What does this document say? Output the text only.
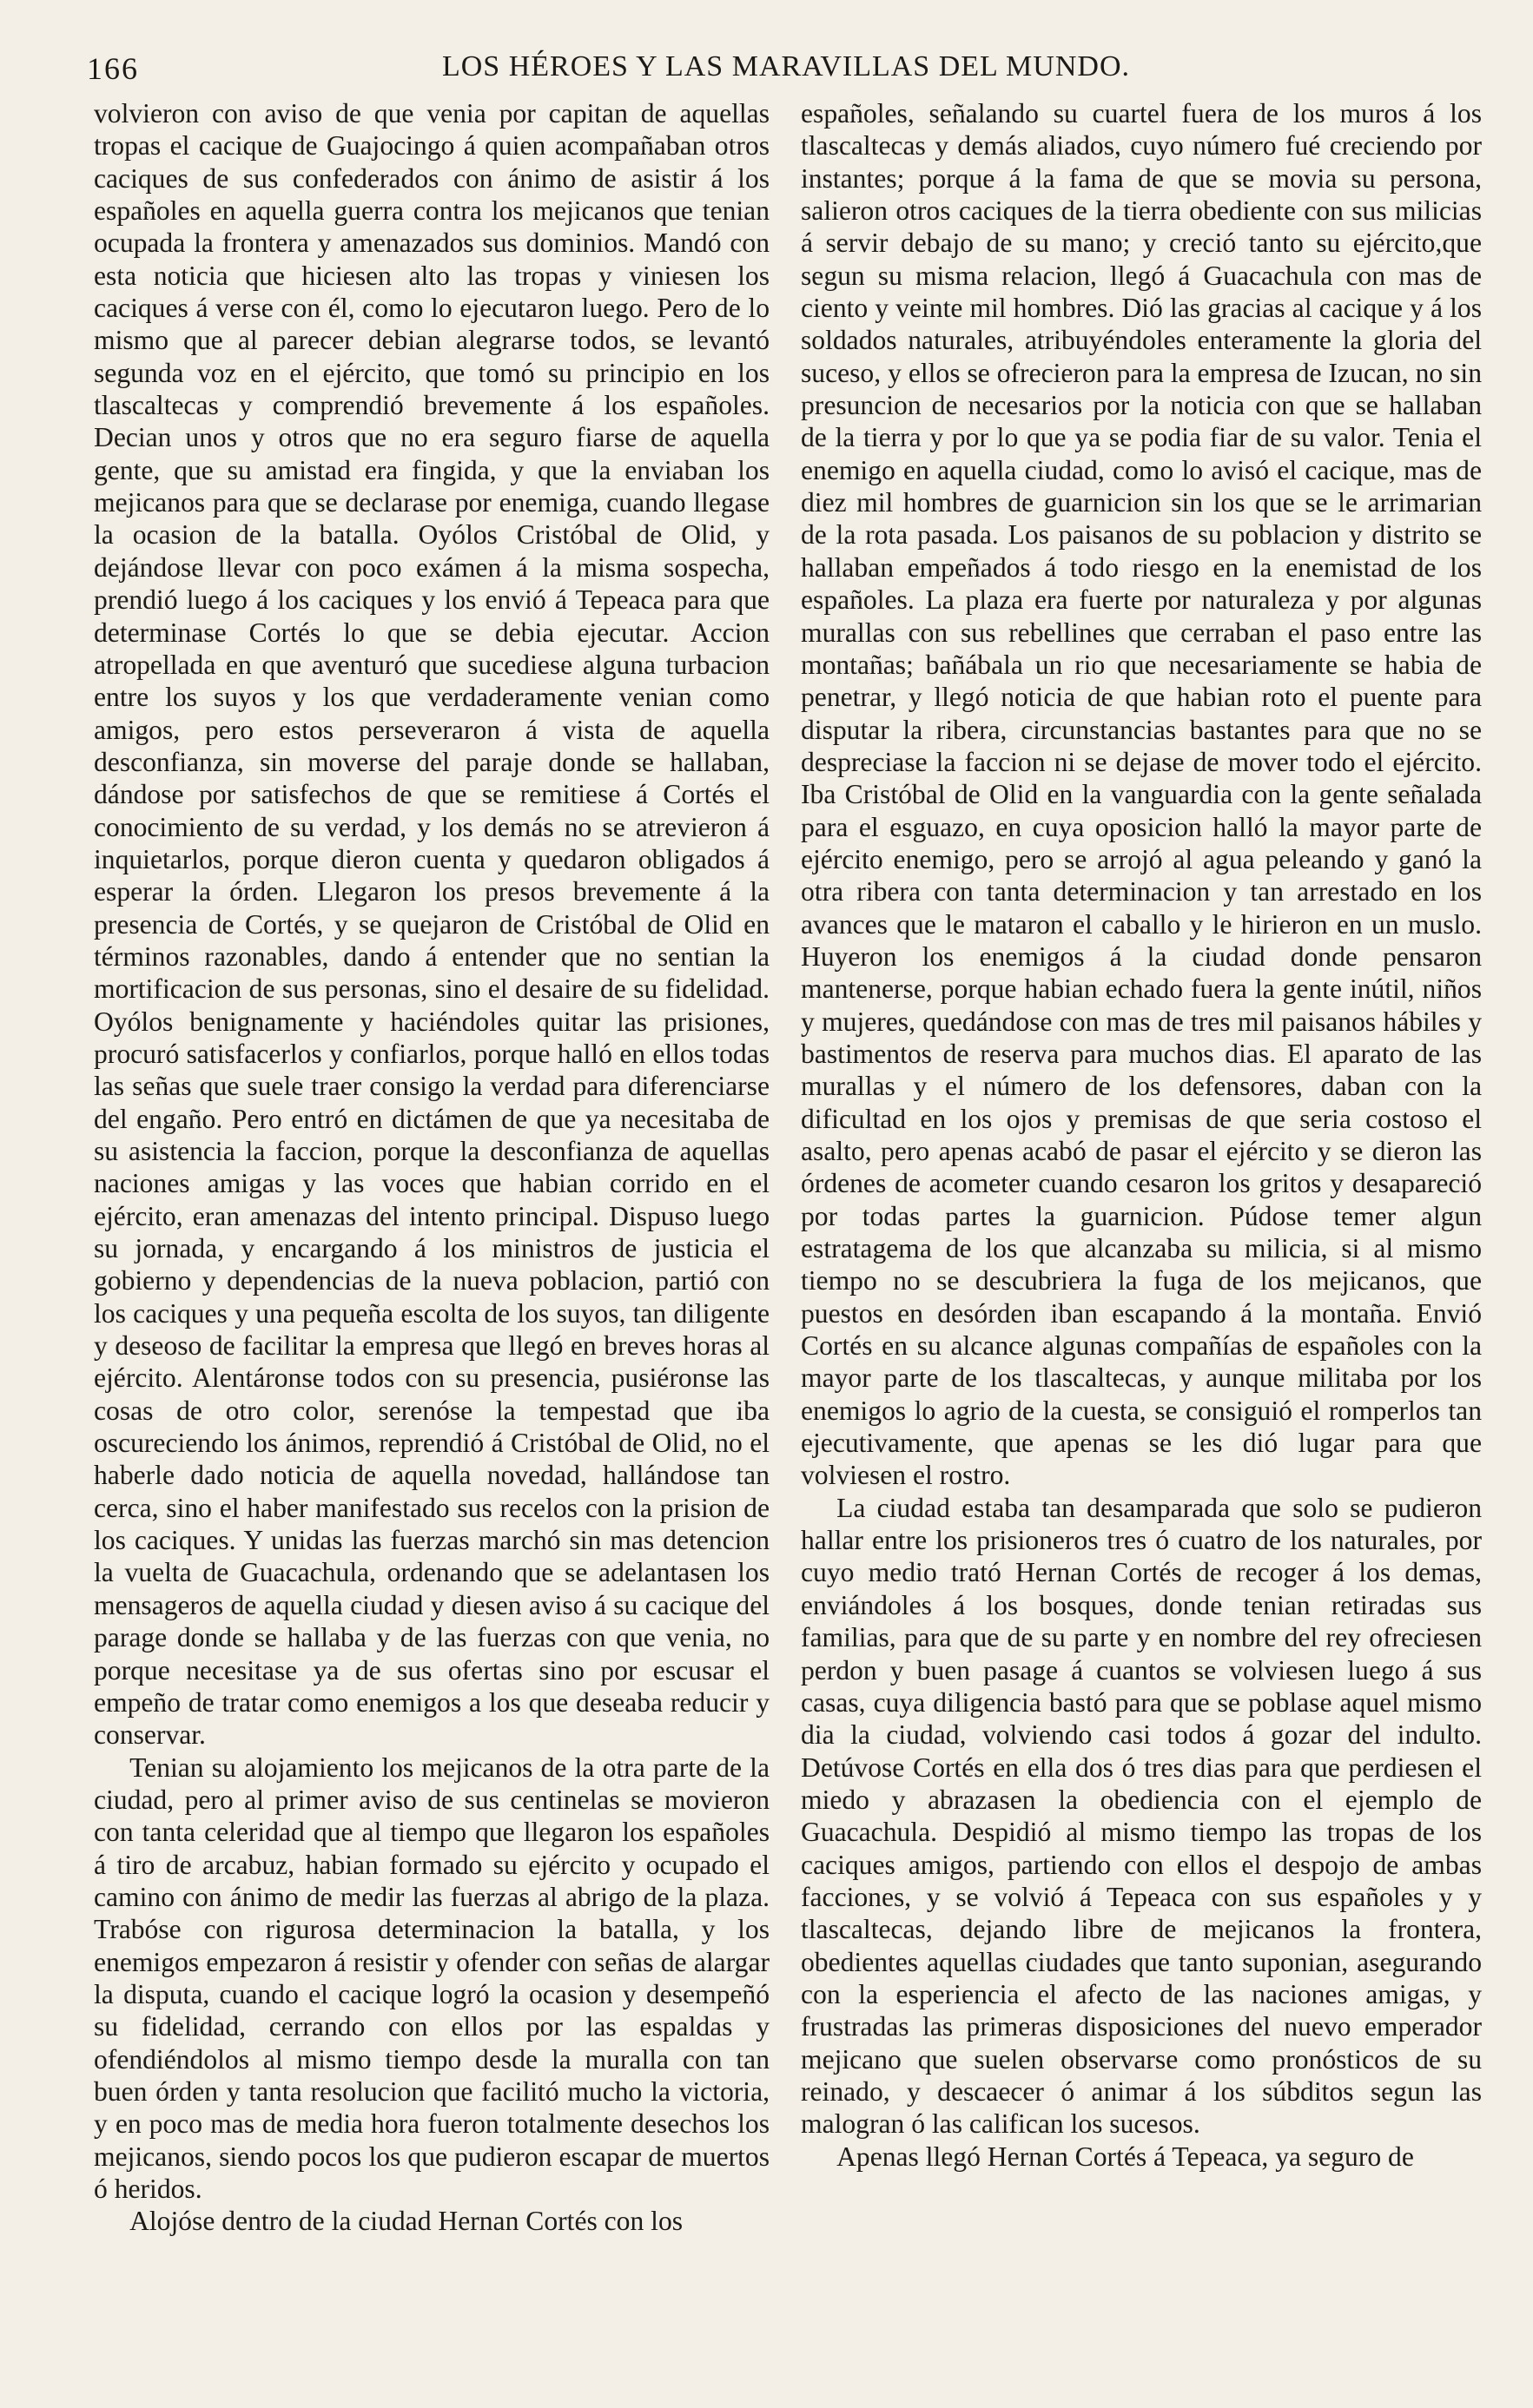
166	LOS HÉROES Y LAS MARAVILLAS DEL MUNDO.

volvieron con aviso de que venia por capitan de aquellas tropas el cacique de Guajocingo á quien acompañaban otros caciques de sus confederados con ánimo de asistir á los españoles en aquella guerra contra los mejicanos que tenian ocupada la frontera y amenazados sus dominios. Mandó con esta noticia que hiciesen alto las tropas y viniesen los caciques á verse con él, como lo ejecutaron luego. Pero de lo mismo que al parecer debian alegrarse todos, se levantó segunda voz en el ejército, que tomó su principio en los tlascaltecas y comprendió brevemente á los españoles. Decian unos y otros que no era seguro fiarse de aquella gente, que su amistad era fingida, y que la enviaban los mejicanos para que se declarase por enemiga, cuando llegase la ocasion de la batalla. Oyólos Cristóbal de Olid, y dejándose llevar con poco exámen á la misma sospecha, prendió luego á los caciques y los envió á Tepeaca para que determinase Cortés lo que se debia ejecutar. Accion atropellada en que aventuró que sucediese alguna turbacion entre los suyos y los que verdaderamente venian como amigos, pero estos perseveraron á vista de aquella desconfianza, sin moverse del paraje donde se hallaban, dándose por satisfechos de que se remitiese á Cortés el conocimiento de su verdad, y los demás no se atrevieron á inquietarlos, porque dieron cuenta y quedaron obligados á esperar la órden. Llegaron los presos brevemente á la presencia de Cortés, y se quejaron de Cristóbal de Olid en términos razonables, dando á entender que no sentian la mortificacion de sus personas, sino el desaire de su fidelidad. Oyólos benignamente y haciéndoles quitar las prisiones, procuró satisfacerlos y confiarlos, porque halló en ellos todas las señas que suele traer consigo la verdad para diferenciarse del engaño. Pero entró en dictámen de que ya necesitaba de su asistencia la faccion, porque la desconfianza de aquellas naciones amigas y las voces que habian corrido en el ejército, eran amenazas del intento principal. Dispuso luego su jornada, y encargando á los ministros de justicia el gobierno y dependencias de la nueva poblacion, partió con los caciques y una pequeña escolta de los suyos, tan diligente y deseoso de facilitar la empresa que llegó en breves horas al ejército. Alentáronse todos con su presencia, pusiéronse las cosas de otro color, serenóse la tempestad que iba oscureciendo los ánimos, reprendió á Cristóbal de Olid, no el haberle dado noticia de aquella novedad, hallándose tan cerca, sino el haber manifestado sus recelos con la prision de los caciques. Y unidas las fuerzas marchó sin mas detencion la vuelta de Guacachula, ordenando que se adelantasen los mensageros de aquella ciudad y diesen aviso á su cacique del parage donde se hallaba y de las fuerzas con que venia, no porque necesitase ya de sus ofertas sino por escusar el empeño de tratar como enemigos a los que deseaba reducir y conservar.

Tenian su alojamiento los mejicanos de la otra parte de la ciudad, pero al primer aviso de sus centinelas se movieron con tanta celeridad que al tiempo que llegaron los españoles á tiro de arcabuz, habian formado su ejército y ocupado el camino con ánimo de medir las fuerzas al abrigo de la plaza. Trabóse con rigurosa determinacion la batalla, y los enemigos empezaron á resistir y ofender con señas de alargar la disputa, cuando el cacique logró la ocasion y desempeñó su fidelidad, cerrando con ellos por las espaldas y ofendiéndolos al mismo tiempo desde la muralla con tan buen órden y tanta resolucion que facilitó mucho la victoria, y en poco mas de media hora fueron totalmente desechos los mejicanos, siendo pocos los que pudieron escapar de muertos ó heridos.

Alojóse dentro de la ciudad Hernan Cortés con los

españoles, señalando su cuartel fuera de los muros á los tlascaltecas y demás aliados, cuyo número fué creciendo por instantes; porque á la fama de que se movia su persona, salieron otros caciques de la tierra obediente con sus milicias á servir debajo de su mano; y creció tanto su ejército,que segun su misma relacion, llegó á Guacachula con mas de ciento y veinte mil hombres. Dió las gracias al cacique y á los soldados naturales, atribuyéndoles enteramente la gloria del suceso, y ellos se ofrecieron para la empresa de Izucan, no sin presuncion de necesarios por la noticia con que se hallaban de la tierra y por lo que ya se podia fiar de su valor. Tenia el enemigo en aquella ciudad, como lo avisó el cacique, mas de diez mil hombres de guarnicion sin los que se le arrimarian de la rota pasada. Los paisanos de su poblacion y distrito se hallaban empeñados á todo riesgo en la enemistad de los españoles. La plaza era fuerte por naturaleza y por algunas murallas con sus rebellines que cerraban el paso entre las montañas; bañábala un rio que necesariamente se habia de penetrar, y llegó noticia de que habian roto el puente para disputar la ribera, circunstancias bastantes para que no se despreciase la faccion ni se dejase de mover todo el ejército. Iba Cristóbal de Olid en la vanguardia con la gente señalada para el esguazo, en cuya oposicion halló la mayor parte de ejército enemigo, pero se arrojó al agua peleando y ganó la otra ribera con tanta determinacion y tan arrestado en los avances que le mataron el caballo y le hirieron en un muslo. Huyeron los enemigos á la ciudad donde pensaron mantenerse, porque habian echado fuera la gente inútil, niños y mujeres, quedándose con mas de tres mil paisanos hábiles y bastimentos de reserva para muchos dias. El aparato de las murallas y el número de los defensores, daban con la dificultad en los ojos y premisas de que seria costoso el asalto, pero apenas acabó de pasar el ejército y se dieron las órdenes de acometer cuando cesaron los gritos y desapareció por todas partes la guarnicion. Púdose temer algun estratagema de los que alcanzaba su milicia, si al mismo tiempo no se descubriera la fuga de los mejicanos, que puestos en desórden iban escapando á la montaña. Envió Cortés en su alcance algunas compañías de españoles con la mayor parte de los tlascaltecas, y aunque militaba por los enemigos lo agrio de la cuesta, se consiguió el romperlos tan ejecutivamente, que apenas se les dió lugar para que volviesen el rostro.

La ciudad estaba tan desamparada que solo se pudieron hallar entre los prisioneros tres ó cuatro de los naturales, por cuyo medio trató Hernan Cortés de recoger á los demas, enviándoles á los bosques, donde tenian retiradas sus familias, para que de su parte y en nombre del rey ofreciesen perdon y buen pasage á cuantos se volviesen luego á sus casas, cuya diligencia bastó para que se poblase aquel mismo dia la ciudad, volviendo casi todos á gozar del indulto. Detúvose Cortés en ella dos ó tres dias para que perdiesen el miedo y abrazasen la obediencia con el ejemplo de Guacachula. Despidió al mismo tiempo las tropas de los caciques amigos, partiendo con ellos el despojo de ambas facciones, y se volvió á Tepeaca con sus españoles y y tlascaltecas, dejando libre de mejicanos la frontera, obedientes aquellas ciudades que tanto suponian, asegurando con la esperiencia el afecto de las naciones amigas, y frustradas las primeras disposiciones del nuevo emperador mejicano que suelen observarse como pronósticos de su reinado, y descaecer ó animar á los súbditos segun las malogran ó las califican los sucesos.

Apenas llegó Hernan Cortés á Tepeaca, ya seguro de
